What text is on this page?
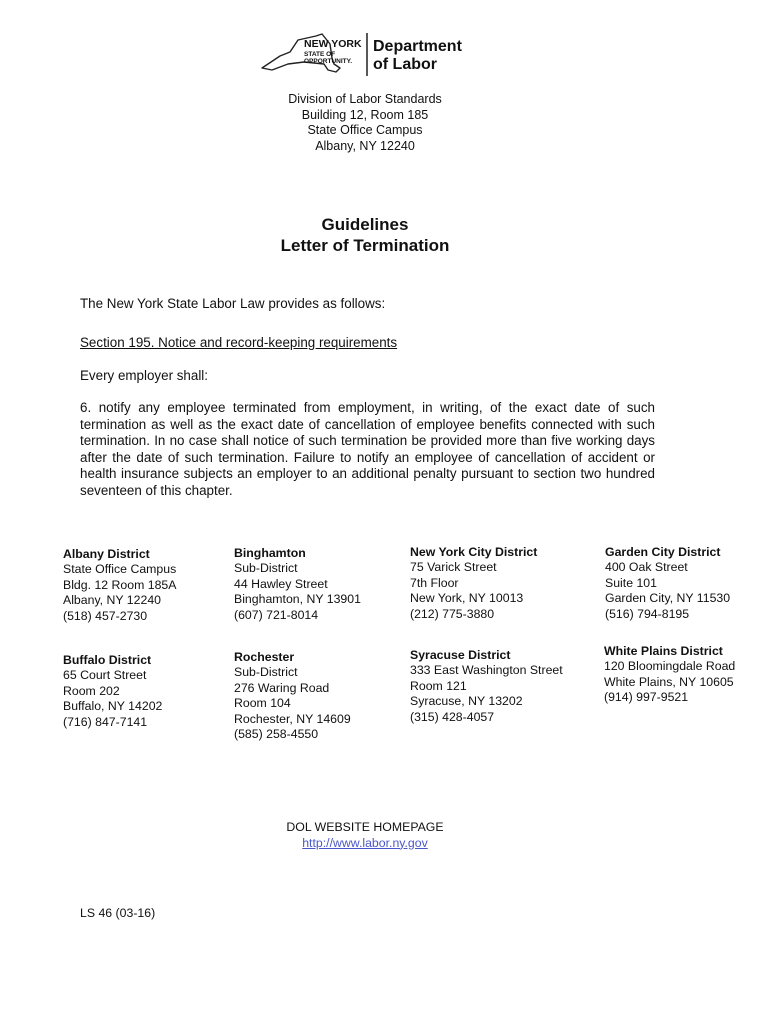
NEW YORK
STATE OF
OPPORTUNITY.
Department
of Labor
Division of Labor Standards
Building 12, Room 185
State Office Campus
Albany, NY 12240
Guidelines
Letter of Termination
The New York State Labor Law provides as follows:
Section 195. Notice and record-keeping requirements
Every employer shall:
6. notify any employee terminated from employment, in writing, of the exact date of such termination as well as the exact date of cancellation of employee benefits connected with such termination. In no case shall notice of such termination be provided more than five working days after the date of such termination. Failure to notify an employee of cancellation of accident or health insurance subjects an employer to an additional penalty pursuant to section two hundred seventeen of this chapter.
Albany District
State Office Campus
Bldg. 12 Room 185A
Albany, NY 12240
(518) 457-2730
Binghamton
Sub-District
44 Hawley Street
Binghamton, NY 13901
(607) 721-8014
New York City District
75 Varick Street
7th Floor
New York, NY 10013
(212) 775-3880
Garden City District
400 Oak Street
Suite 101
Garden City, NY 11530
(516) 794-8195
Buffalo District
65 Court Street
Room 202
Buffalo, NY 14202
(716) 847-7141
Rochester
Sub-District
276 Waring Road
Room 104
Rochester, NY 14609
(585) 258-4550
Syracuse District
333 East Washington Street
Room 121
Syracuse, NY 13202
(315) 428-4057
White Plains District
120 Bloomingdale Road
White Plains, NY 10605
(914) 997-9521
DOL WEBSITE HOMEPAGE
http://www.labor.ny.gov
LS 46 (03-16)
